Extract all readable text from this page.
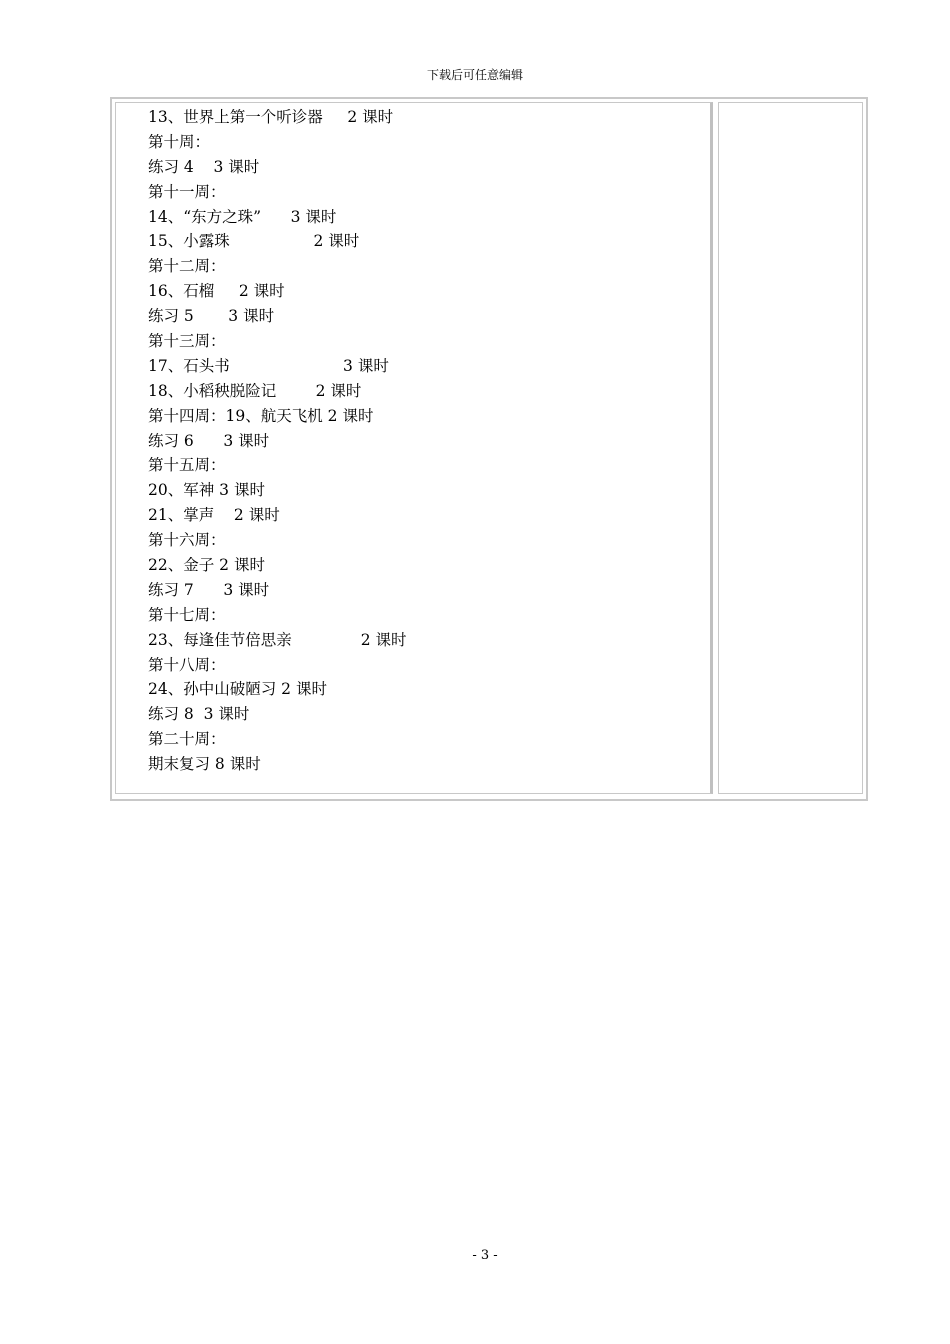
下载后可任意编辑
13、世界上第一个听诊器     2 课时
第十周：
练习 4    3 课时
第十一周：
14、“东方之珠”      3 课时
15、小露珠                 2 课时
第十二周：
16、石榴     2 课时
练习 5       3 课时
第十三周：
17、石头书                       3 课时
18、小稻秧脱险记        2 课时
第十四周：19、航天飞机 2 课时
练习 6      3 课时
第十五周：
20、军神 3 课时
21、掌声    2 课时
第十六周：
22、金子 2 课时
练习 7      3 课时
第十七周：
23、每逢佳节倍思亲              2 课时
第十八周：
24、孙中山破陋习 2 课时
练习 8  3 课时
第二十周：
期末复习 8 课时
- 3 -
